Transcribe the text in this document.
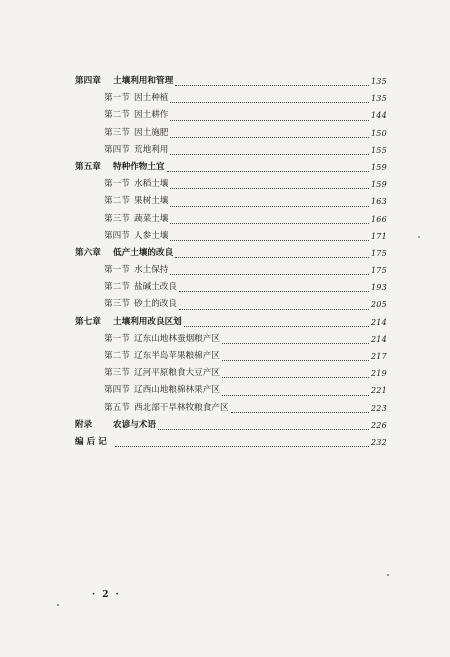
第四章	土壤利用和管理	135
第一节 因土种植	135
第二节 因土耕作	144
第三节 因土施肥	150
第四节 荒地利用	155
第五章	特种作物土宜	159
第一节 水稻土壤	159
第二节 果树土壤	163
第三节 蔬菜土壤	166
第四节 人参土壤	171
第六章	低产土壤的改良	175
第一节 水土保持	175
第二节 盐碱土改良	193
第三节 砂土的改良	205
第七章	土壤利用改良区划	214
第一节 辽东山地林蚕烟粮产区	214
第二节 辽东半岛苹果粮棉产区	217
第三节 辽河平原粮食大豆产区	219
第四节 辽西山地粮棉林果产区	221
第五节 西北部干旱林牧粮食产区	223
附录	农谚与术语	226
编 后 记	232
· 2 ·
